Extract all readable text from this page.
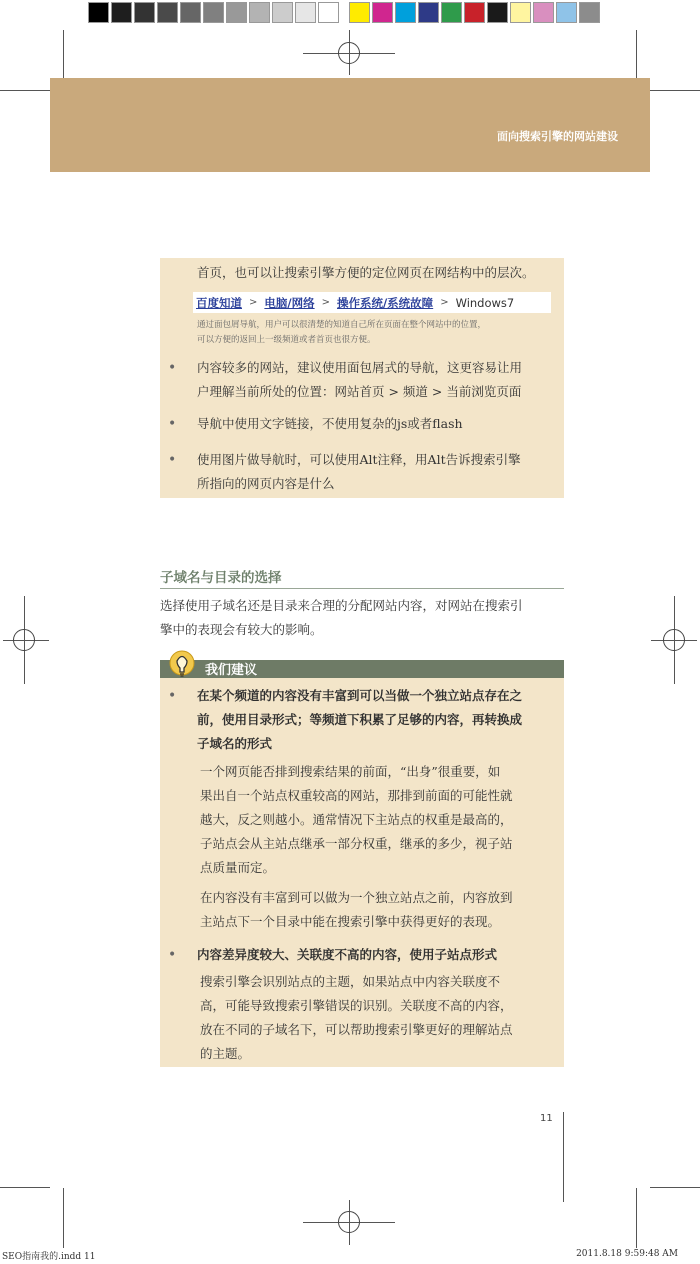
面向搜索引擎的网站建设
首页，也可以让搜索引擎方便的定位网页在网结构中的层次。
百度知道 > 电脑/网络 > 操作系统/系统故障 > Windows7
通过面包屑导航，用户可以很清楚的知道自己所在页面在整个网站中的位置，
可以方便的返回上一级频道或者首页也很方便。
• 内容较多的网站，建议使用面包屑式的导航，这更容易让用
户理解当前所处的位置：网站首页 > 频道 > 当前浏览页面
• 导航中使用文字链接，不使用复杂的js或者flash
• 使用图片做导航时，可以使用Alt注释，用Alt告诉搜索引擎
所指向的网页内容是什么
子域名与目录的选择
选择使用子域名还是目录来合理的分配网站内容，对网站在搜索引
擎中的表现会有较大的影响。
我们建议
• 在某个频道的内容没有丰富到可以当做一个独立站点存在之
前，使用目录形式；等频道下积累了足够的内容，再转换成
子域名的形式
一个网页能否排到搜索结果的前面，“出身”很重要，如
果出自一个站点权重较高的网站，那排到前面的可能性就
越大，反之则越小。通常情况下主站点的权重是最高的，
子站点会从主站点继承一部分权重，继承的多少，视子站
点质量而定。
在内容没有丰富到可以做为一个独立站点之前，内容放到
主站点下一个目录中能在搜索引擎中获得更好的表现。
• 内容差异度较大、关联度不高的内容，使用子站点形式
搜索引擎会识别站点的主题，如果站点中内容关联度不
高，可能导致搜索引擎错误的识别。关联度不高的内容，
放在不同的子域名下，可以帮助搜索引擎更好的理解站点
的主题。
11
SEO指南我的.indd 11	2011.8.18 9:59:48 AM
